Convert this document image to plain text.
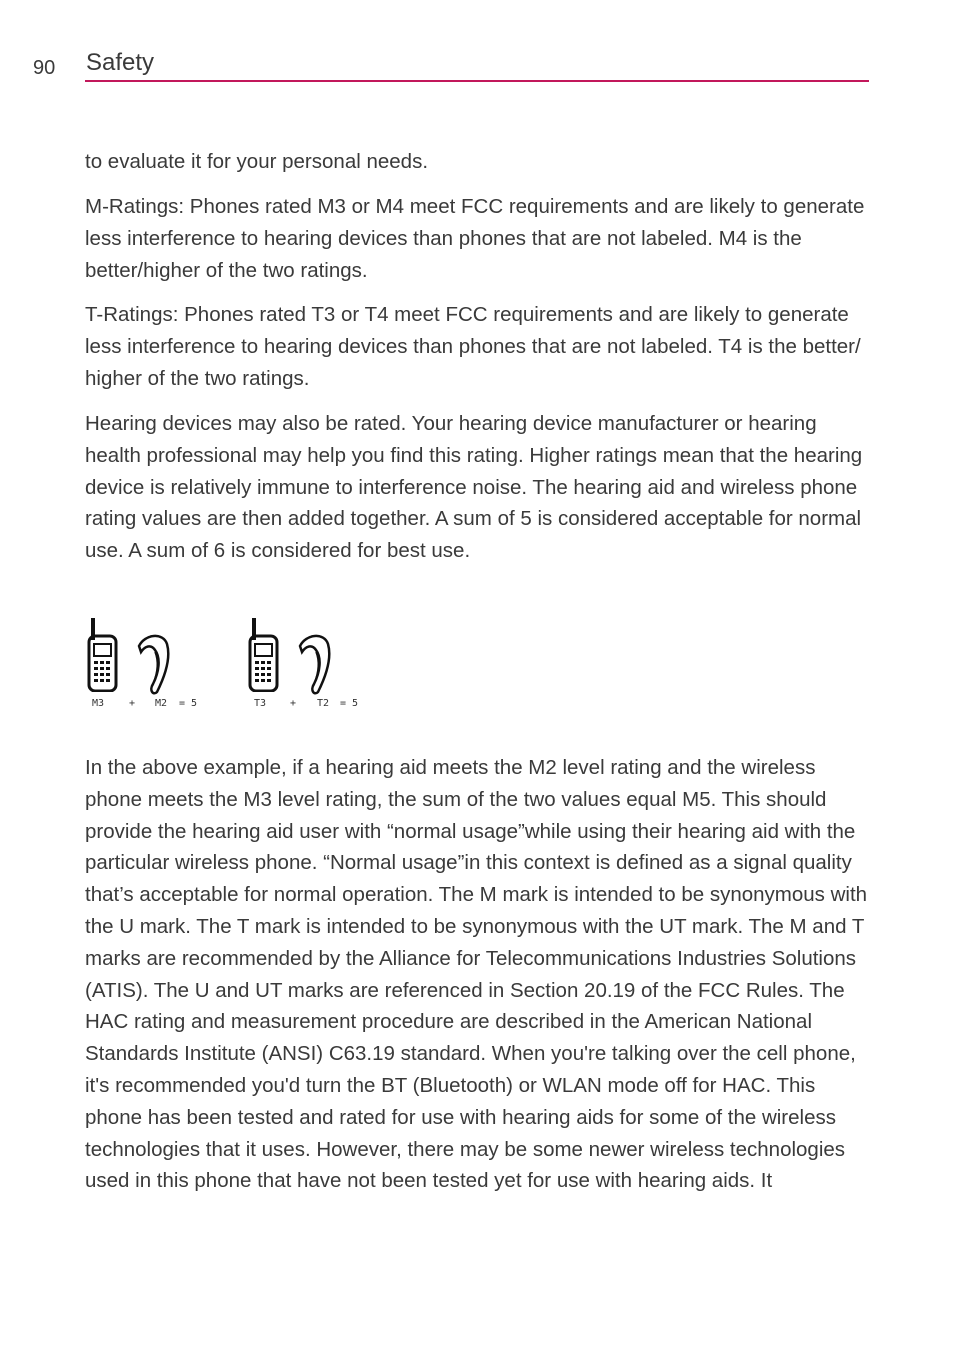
90 Safety

to evaluate it for your personal needs.

M-Ratings: Phones rated M3 or M4 meet FCC requirements and are likely to generate less interference to hearing devices than phones that are not labeled. M4 is the better/higher of the two ratings.

T-Ratings: Phones rated T3 or T4 meet FCC requirements and are likely to generate less interference to hearing devices than phones that are not labeled. T4 is the better/ higher of the two ratings.

Hearing devices may also be rated. Your hearing device manufacturer or hearing health professional may help you find this rating. Higher ratings mean that the hearing device is relatively immune to interference noise. The hearing aid and wireless phone rating values are then added together. A sum of 5 is considered acceptable for normal use. A sum of 6 is considered for best use.

M3 + M2 = 5	T3 + T2 = 5

In the above example, if a hearing aid meets the M2 level rating and the wireless phone meets the M3 level rating, the sum of the two values equal M5. This should provide the hearing aid user with “normal usage”while using their hearing aid with the particular wireless phone. “Normal usage”in this context is defined as a signal quality that’s acceptable for normal operation. The M mark is intended to be synonymous with the U mark. The T mark is intended to be synonymous with the UT mark. The M and T marks are recommended by the Alliance for Telecommunications Industries Solutions (ATIS). The U and UT marks are referenced in Section 20.19 of the FCC Rules. The HAC rating and measurement procedure are described in the American National Standards Institute (ANSI) C63.19 standard. When you're talking over the cell phone, it's recommended you'd turn the BT (Bluetooth) or WLAN mode off for HAC. This phone has been tested and rated for use with hearing aids for some of the wireless technologies that it uses. However, there may be some newer wireless technologies used in this phone that have not been tested yet for use with hearing aids. It
